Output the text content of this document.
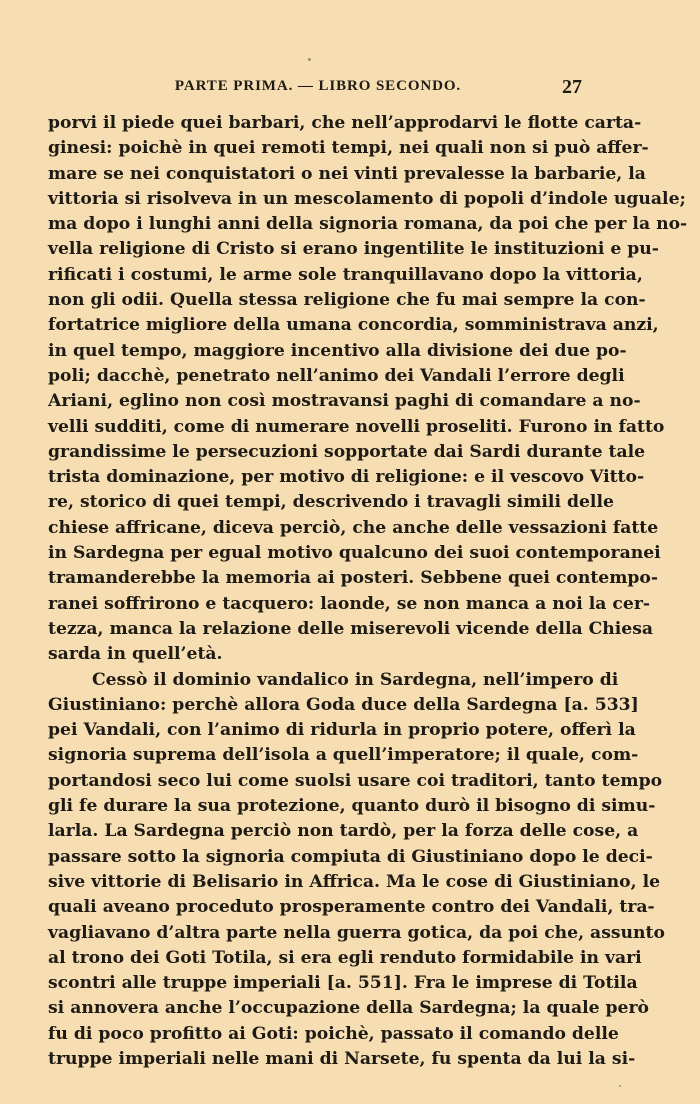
PARTE PRIMA. — LIBRO SECONDO.	27
porvi il piede quei barbari, che nell’approdarvi le flotte carta-
ginesi: poichè in quei remoti tempi, nei quali non si può affer-
mare se nei conquistatori o nei vinti prevalesse la barbarie, la
vittoria si risolveva in un mescolamento di popoli d’indole uguale;
ma dopo i lunghi anni della signoria romana, da poi che per la no-
vella religione di Cristo si erano ingentilite le instituzioni e pu-
rificati i costumi, le arme sole tranquillavano dopo la vittoria,
non gli odii. Quella stessa religione che fu mai sempre la con-
fortatrice migliore della umana concordia, somministrava anzi,
in quel tempo, maggiore incentivo alla divisione dei due po-
poli; dacchè, penetrato nell’animo dei Vandali l’errore degli
Ariani, eglino non così mostravansi paghi di comandare a no-
velli sudditi, come di numerare novelli proseliti. Furono in fatto
grandissime le persecuzioni sopportate dai Sardi durante tale
trista dominazione, per motivo di religione: e il vescovo Vitto-
re, storico di quei tempi, descrivendo i travagli simili delle
chiese affricane, diceva perciò, che anche delle vessazioni fatte
in Sardegna per egual motivo qualcuno dei suoi contemporanei
tramanderebbe la memoria ai posteri. Sebbene quei contempo-
ranei soffrirono e tacquero: laonde, se non manca a noi la cer-
tezza, manca la relazione delle miserevoli vicende della Chiesa
sarda in quell’età.
Cessò il dominio vandalico in Sardegna, nell’impero di
Giustiniano: perchè allora Goda duce della Sardegna [a. 533]
pei Vandali, con l’animo di ridurla in proprio potere, offerì la
signoria suprema dell’isola a quell’imperatore; il quale, com-
portandosi seco lui come suolsi usare coi traditori, tanto tempo
gli fe durare la sua protezione, quanto durò il bisogno di simu-
larla. La Sardegna perciò non tardò, per la forza delle cose, a
passare sotto la signoria compiuta di Giustiniano dopo le deci-
sive vittorie di Belisario in Affrica. Ma le cose di Giustiniano, le
quali aveano proceduto prosperamente contro dei Vandali, tra-
vagliavano d’altra parte nella guerra gotica, da poi che, assunto
al trono dei Goti Totila, si era egli renduto formidabile in vari
scontri alle truppe imperiali [a. 551]. Fra le imprese di Totila
si annovera anche l’occupazione della Sardegna; la quale però
fu di poco profitto ai Goti: poichè, passato il comando delle
truppe imperiali nelle mani di Narsete, fu spenta da lui la si-
